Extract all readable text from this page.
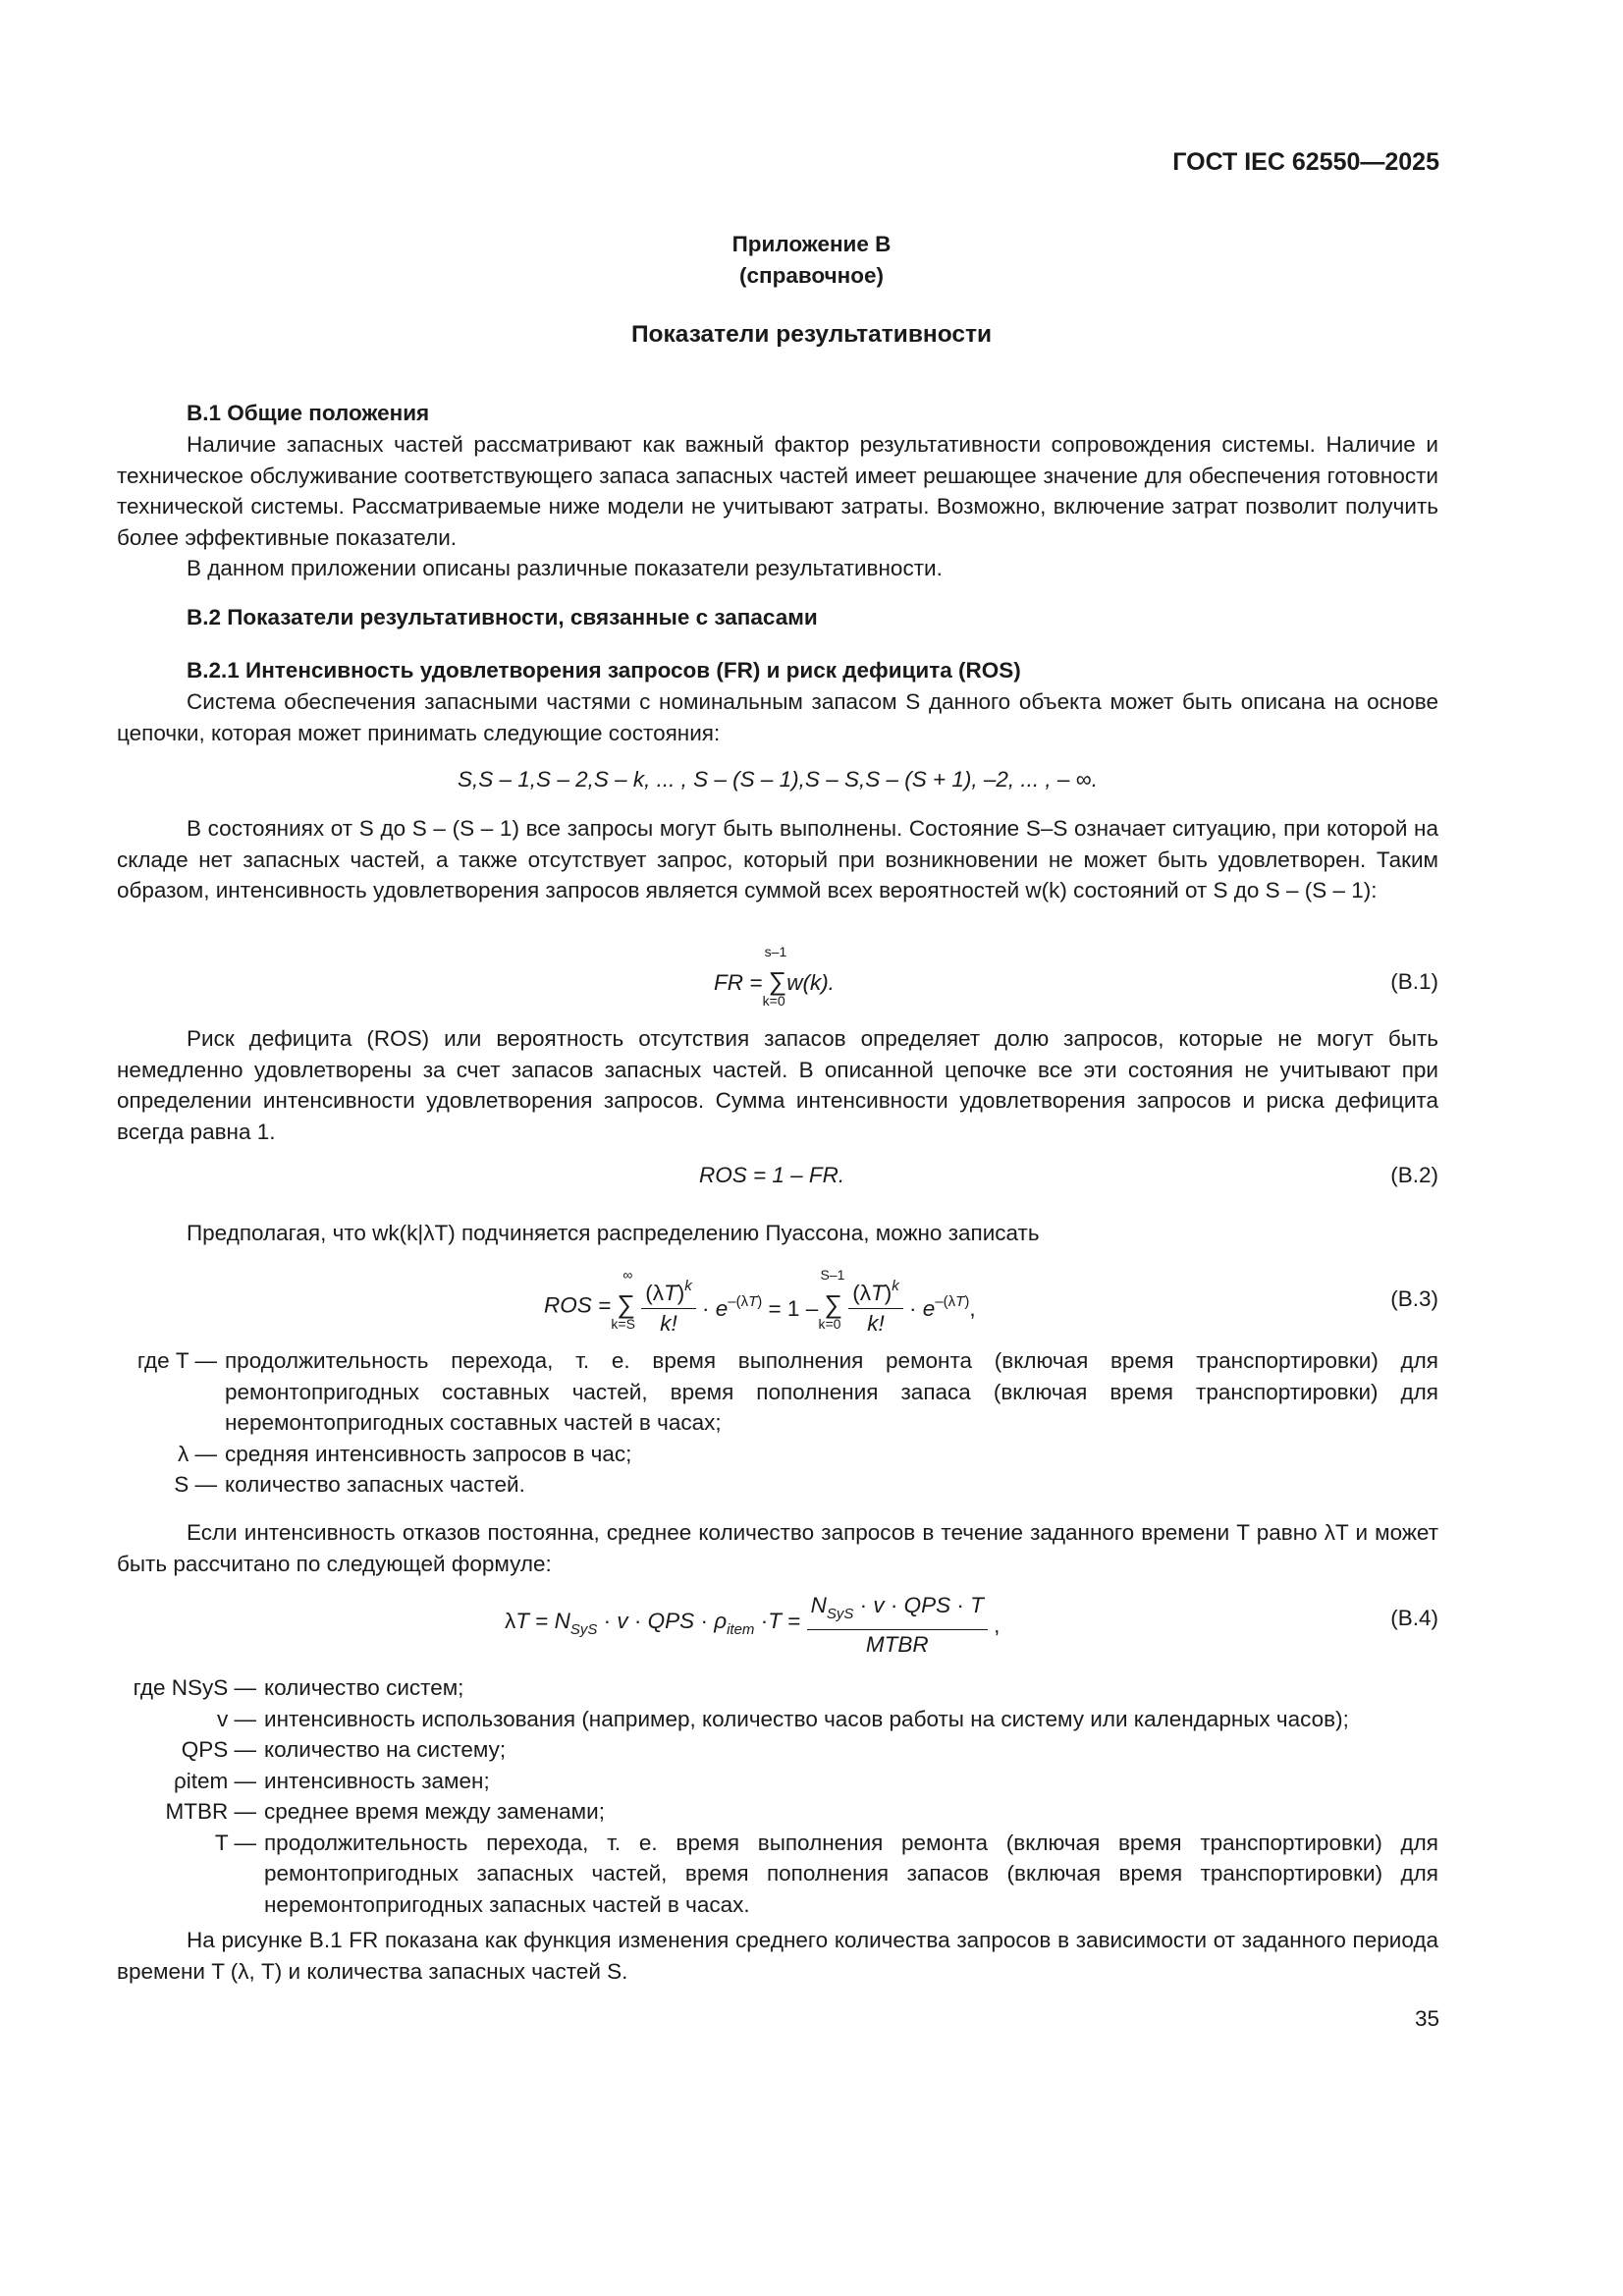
ГОСТ IEC 62550—2025
Приложение В
(справочное)
Показатели результативности
В.1 Общие положения
Наличие запасных частей рассматривают как важный фактор результативности сопровождения системы. Наличие и техническое обслуживание соответствующего запаса запасных частей имеет решающее значение для обеспечения готовности технической системы. Рассматриваемые ниже модели не учитывают затраты. Возможно, включение затрат позволит получить более эффективные показатели.
В данном приложении описаны различные показатели результативности.
В.2 Показатели результативности, связанные с запасами
В.2.1 Интенсивность удовлетворения запросов (FR) и риск дефицита (ROS)
Система обеспечения запасными частями с номинальным запасом S данного объекта может быть описана на основе цепочки, которая может принимать следующие состояния:
S,S – 1,S – 2,S – k, ... , S – (S – 1),S – S,S – (S + 1), –2, ... , – ∞.
В состояниях от S до S – (S – 1) все запросы могут быть выполнены. Состояние S–S означает ситуацию, при которой на складе нет запасных частей, а также отсутствует запрос, который при возникновении не может быть удовлетворен. Таким образом, интенсивность удовлетворения запросов является суммой всех вероятностей w(k) состояний от S до S – (S – 1):
FR = ∑
s–1
k=0
w(k).	(В.1)
Риск дефицита (ROS) или вероятность отсутствия запасов определяет долю запросов, которые не могут быть немедленно удовлетворены за счет запасов запасных частей. В описанной цепочке все эти состояния не учитывают при определении интенсивности удовлетворения запросов. Сумма интенсивности удовлетворения запросов и риска дефицита всегда равна 1.
ROS = 1 – FR.	(В.2)
Предполагая, что wk(k|λT) подчиняется распределению Пуассона, можно записать
ROS = ∑
∞
k=S
$\frac{(\lambda T)^k}{k!} \cdot e^{-(\lambda T)} = 1$ – ∑
S–1
k=0
$\frac{(\lambda T)^k}{k!} \cdot e^{-(\lambda T)}$,	(В.3)
где T — продолжительность перехода, т. е. время выполнения ремонта (включая время транспортировки) для ремонтопригодных составных частей, время пополнения запаса (включая время транспортировки) для неремонтопригодных составных частей в часах;
λ — средняя интенсивность запросов в час;
S — количество запасных частей.
Если интенсивность отказов постоянна, среднее количество запросов в течение заданного времени T равно λT и может быть рассчитано по следующей формуле:
$\lambda T = N_{SyS} \cdot v$ · QPS · $\rho_{item} \cdot T = \frac{N_{SyS} \cdot v \cdot QPS \cdot T}{\text{MTBR}}$ ,	(В.4)
где NSyS — количество систем;
v — интенсивность использования (например, количество часов работы на систему или календарных часов);
QPS — количество на систему;
ρitem — интенсивность замен;
MTBR — среднее время между заменами;
T — продолжительность перехода, т. е. время выполнения ремонта (включая время транспортировки) для ремонтопригодных запасных частей, время пополнения запасов (включая время транспортировки) для неремонтопригодных запасных частей в часах.
На рисунке В.1 FR показана как функция изменения среднего количества запросов в зависимости от заданного периода времени T (λ, T) и количества запасных частей S.
35
